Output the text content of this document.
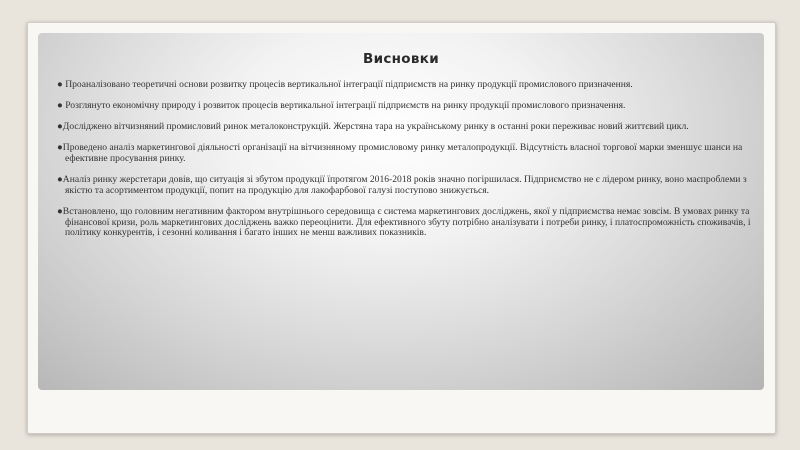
Висновки
● Проаналізовано теоретичні основи розвитку процесів вертикальної інтеграції підприємств на ринку продукції промислового призначення.
● Розглянуто економічну природу і розвиток процесів вертикальної інтеграції підприємств на ринку продукції промислового призначення.
●Досліджено вітчизняний промисловий ринок металоконструкцій. Жерстяна тара на українському ринку в останні роки переживає новий життєвий цикл.
●Проведено аналіз маркетингової діяльності організації на вітчизняному промисловому ринку металопродукції. Відсутність власної торгової марки зменшує шанси на ефективне просування ринку.
●Аналіз ринку жерстетари довів, що ситуація зі збутом продукції їпротягом 2016-2018 років значно погіршилася. Підприємство не є лідером ринку, воно маєпроблеми з якістю та асортиментом продукції, попит на продукцію для лакофарбової галузі поступово знижується.
●Встановлено, що головним негативним фактором внутрішнього середовища є система маркетингових досліджень, якої у підприємства немає зовсім. В умовах ринку та фінансової кризи, роль маркетингових досліджень важко переоцінити. Для ефективного збуту потрібно аналізувати і потреби ринку, і платоспроможність споживачів, і політику конкурентів, і сезонні коливання і багато інших не менш важливих показників.
